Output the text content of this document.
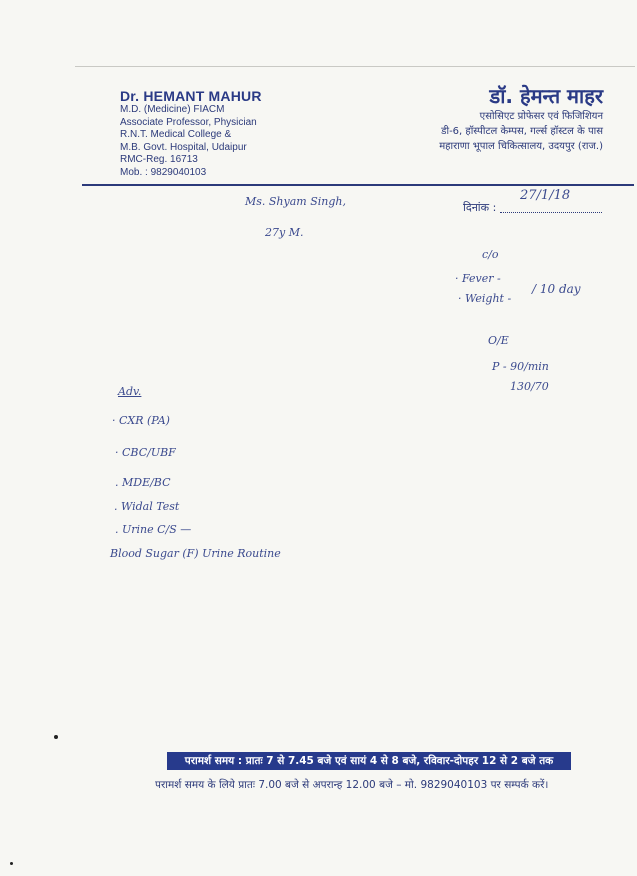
Dr. HEMANT MAHUR
M.D. (Medicine) FIACM
Associate Professor, Physician
R.N.T. Medical College &
M.B. Govt. Hospital, Udaipur
RMC-Reg. 16713
Mob. : 9829040103
डॉ. हेमन्त माहर
एसोसिएट प्रोफेसर एवं फिजिशियन
डी-6, हॉस्पीटल केम्पस, गर्ल्स हॉस्टल के पास
महाराणा भूपाल चिकित्सालय, उदयपुर (राज.)
दिनांक :
27/1/18
Ms. Shyam Singh,
27y M.
c/o
· Fever -
· Weight -
/ 10 day
O/E
P - 90/min
130/70
Adv.
· CXR (PA)
· CBC/UBF
. MDE/BC
. Widal Test
. Urine C/S —
Blood Sugar (F) Urine Routine
परामर्श समय : प्रातः 7 से 7.45 बजे एवं सायं 4 से 8 बजे, रविवार-दोपहर 12 से 2 बजे तक
परामर्श समय के लिये प्रातः 7.00 बजे से अपरान्ह 12.00 बजे – मो. 9829040103 पर सम्पर्क करें।
